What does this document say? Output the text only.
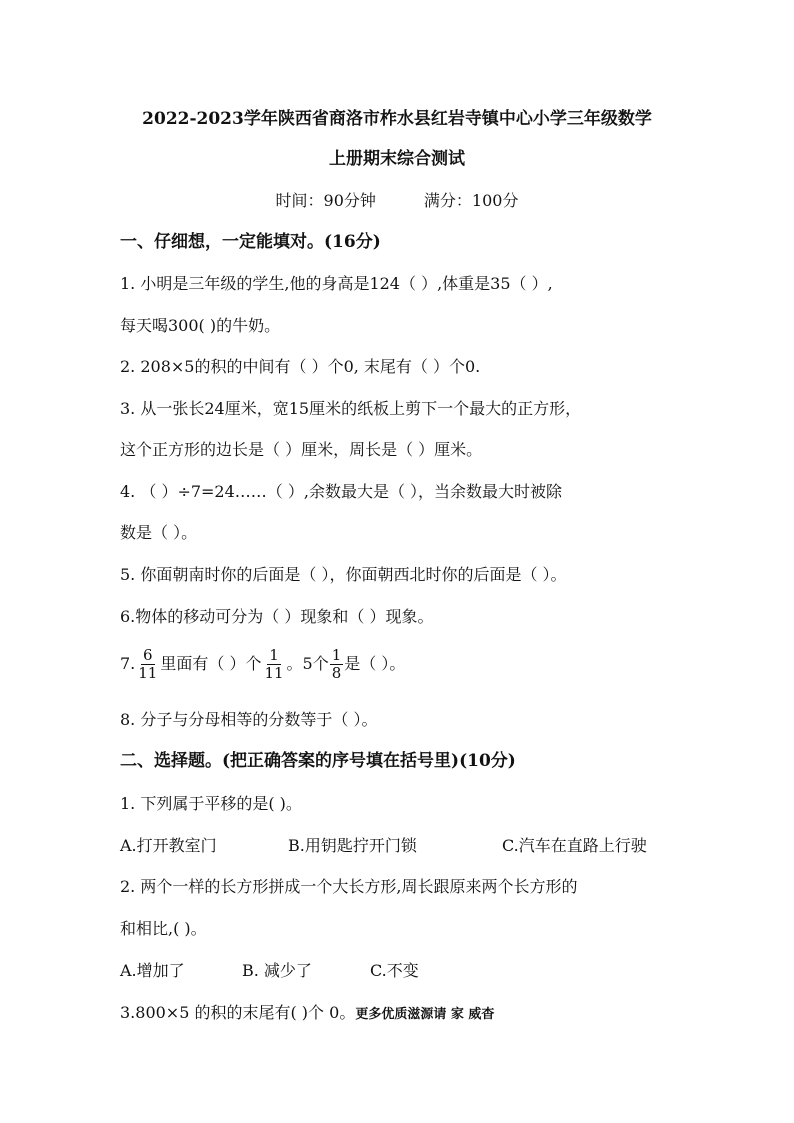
2022-2023学年陕西省商洛市柞水县红岩寺镇中心小学三年级数学
上册期末综合测试
时间：90分钟	满分：100分
一、仔细想，一定能填对。(16分)
1. 小明是三年级的学生,他的身高是124（ ）,体重是35（ ）,
每天喝300( )的牛奶。
2. 208×5的积的中间有（ ）个0, 末尾有（ ）个0.
3. 从一张长24厘米，宽15厘米的纸板上剪下一个最大的正方形，
这个正方形的边长是（ ）厘米，周长是（ ）厘米。
4. （ ）÷7=24……（ ）,余数最大是（ ），当余数最大时被除
数是（ ）。
5. 你面朝南时你的后面是（ ），你面朝西北时你的后面是（ ）。
6.物体的移动可分为（ ）现象和（ ）现象。
7. $\frac{6}{11}$ 里面有（ ）个 $\frac{1}{11}$ 。5个 $\frac{1}{8}$ 是（ ）。
8. 分子与分母相等的分数等于（ ）。
二、选择题。(把正确答案的序号填在括号里)(10分)
1. 下列属于平移的是( )。
A.打开教室门	B.用钥匙拧开门锁	C.汽车在直路上行驶
2. 两个一样的长方形拼成一个大长方形,周长跟原来两个长方形的
和相比,( )。
A.增加了	B. 减少了	C.不变
3.800×5 的积的末尾有( )个 0。更多优质滋源请 家 威杳
